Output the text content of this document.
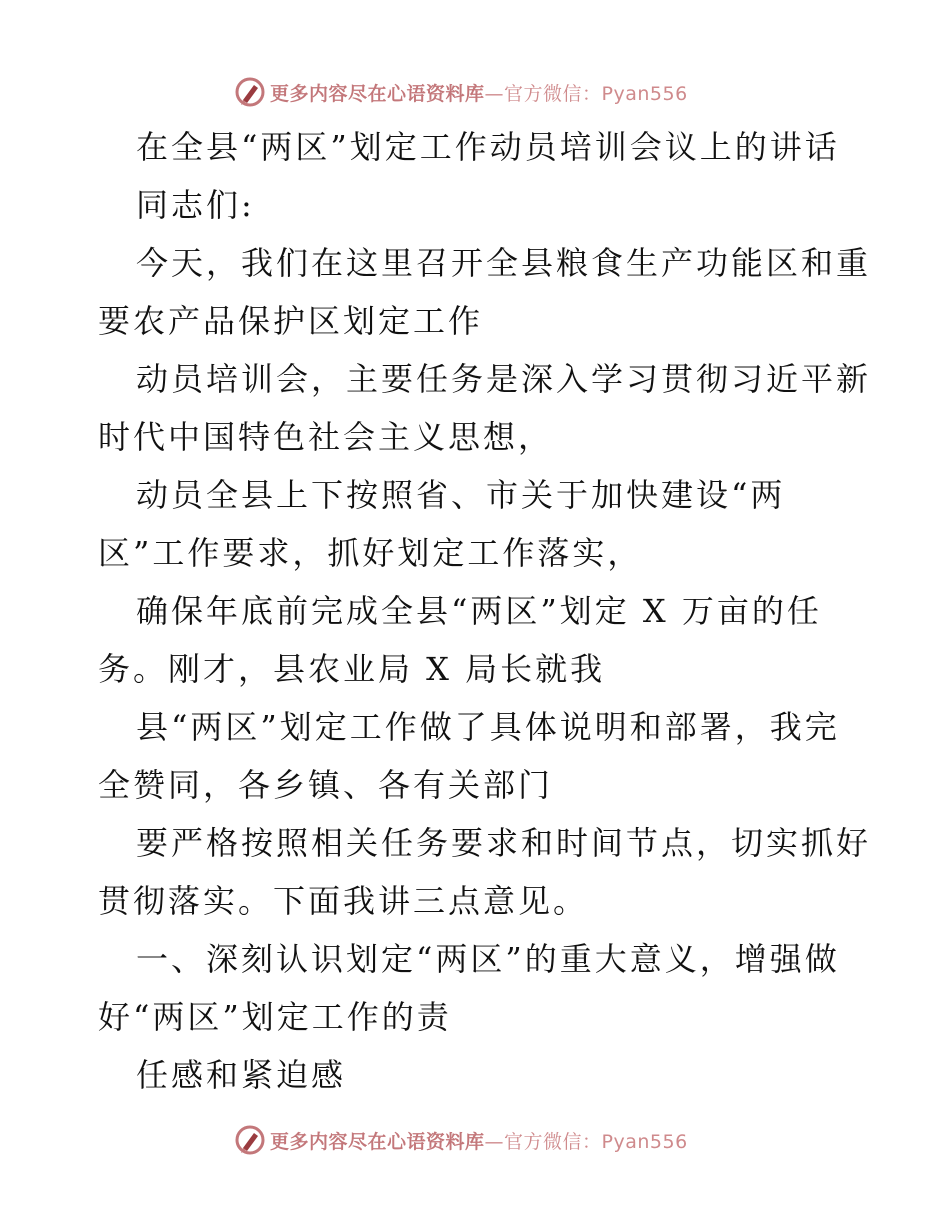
更多内容尽在心语资料库—官方微信：Pyan556
在全县“两区”划定工作动员培训会议上的讲话
同志们:
今天，我们在这里召开全县粮食生产功能区和重
要农产品保护区划定工作
动员培训会，主要任务是深入学习贯彻习近平新
时代中国特色社会主义思想，
动员全县上下按照省、市关于加快建设“两
区”工作要求，抓好划定工作落实，
确保年底前完成全县“两区”划定 X 万亩的任
务。刚才，县农业局 X 局长就我
县“两区”划定工作做了具体说明和部署，我完
全赞同，各乡镇、各有关部门
要严格按照相关任务要求和时间节点，切实抓好
贯彻落实。下面我讲三点意见。
一、深刻认识划定“两区”的重大意义，增强做
好“两区”划定工作的责
任感和紧迫感
更多内容尽在心语资料库—官方微信：Pyan556
